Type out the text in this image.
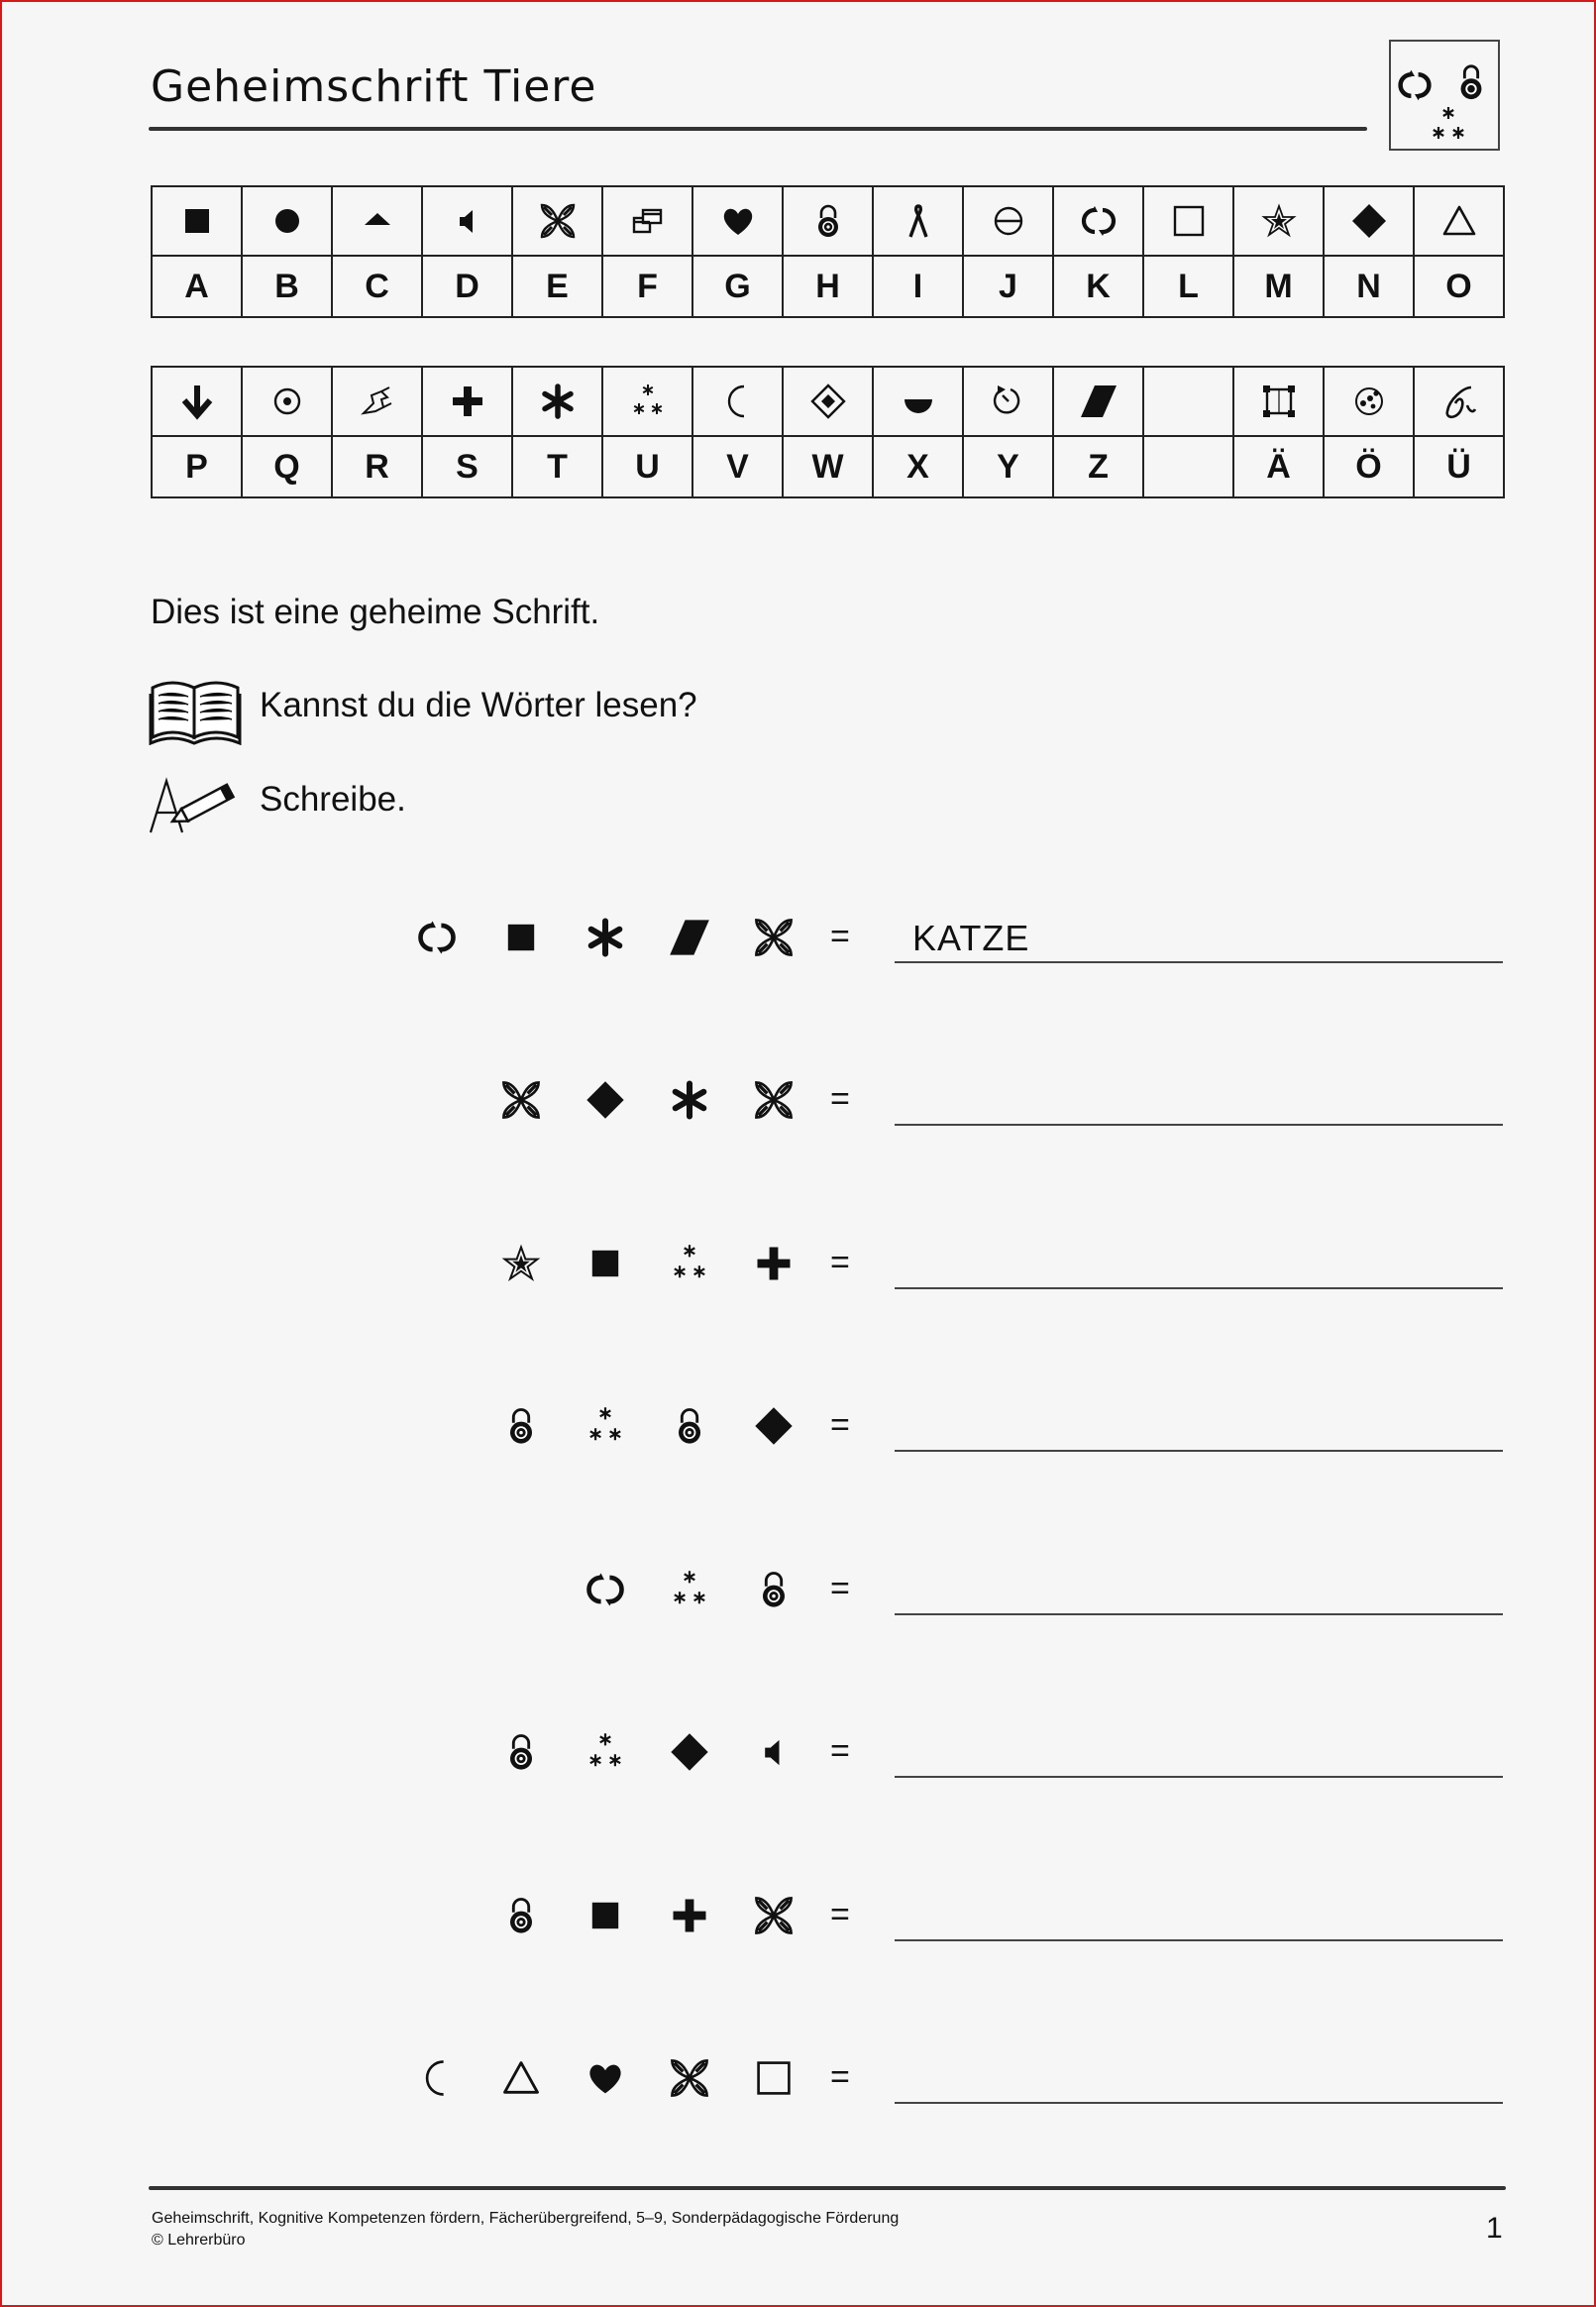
Geheimschrift Tiere

A	B	C	D	E	F	G	H	I	J	K	L	M	N	O

P	Q	R	S	T	U	V	W	X	Y	Z		Ä	Ö	Ü
Dies ist eine geheime Schrift.
Kannst du die Wörter lesen?
Schreibe.
= KATZE
=
=
=
=
=
=
=
Geheimschrift, Kognitive Kompetenzen fördern, Fächerübergreifend, 5–9, Sonderpädagogische Förderung
© Lehrerbüro	1
